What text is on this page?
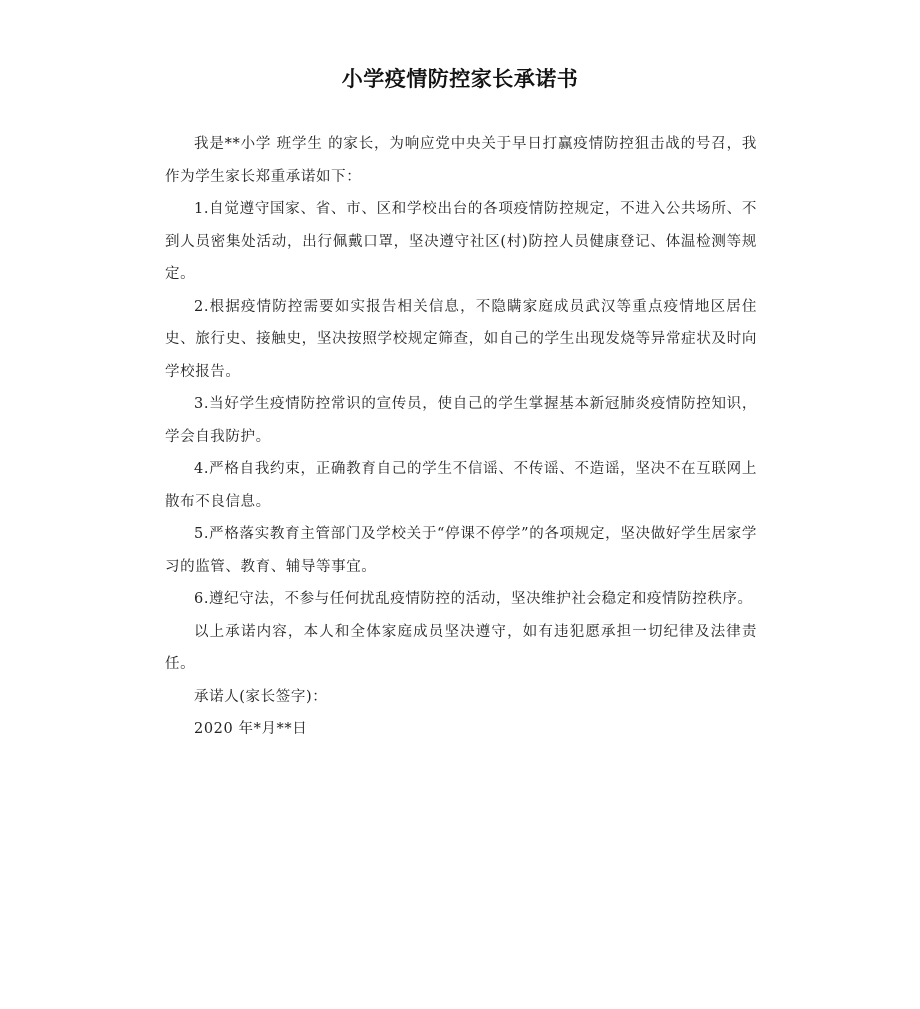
小学疫情防控家长承诺书

我是**小学 班学生 的家长，为响应党中央关于早日打赢疫情防控狙击战的号召，我作为学生家长郑重承诺如下：

1.自觉遵守国家、省、市、区和学校出台的各项疫情防控规定，不进入公共场所、不到人员密集处活动，出行佩戴口罩，坚决遵守社区(村)防控人员健康登记、体温检测等规定。

2.根据疫情防控需要如实报告相关信息，不隐瞒家庭成员武汉等重点疫情地区居住史、旅行史、接触史，坚决按照学校规定筛查，如自己的学生出现发烧等异常症状及时向学校报告。

3.当好学生疫情防控常识的宣传员，使自己的学生掌握基本新冠肺炎疫情防控知识，学会自我防护。

4.严格自我约束，正确教育自己的学生不信谣、不传谣、不造谣，坚决不在互联网上散布不良信息。

5.严格落实教育主管部门及学校关于“停课不停学”的各项规定，坚决做好学生居家学习的监管、教育、辅导等事宜。

6.遵纪守法，不参与任何扰乱疫情防控的活动，坚决维护社会稳定和疫情防控秩序。

以上承诺内容，本人和全体家庭成员坚决遵守，如有违犯愿承担一切纪律及法律责任。

承诺人(家长签字)：

2020 年*月**日
